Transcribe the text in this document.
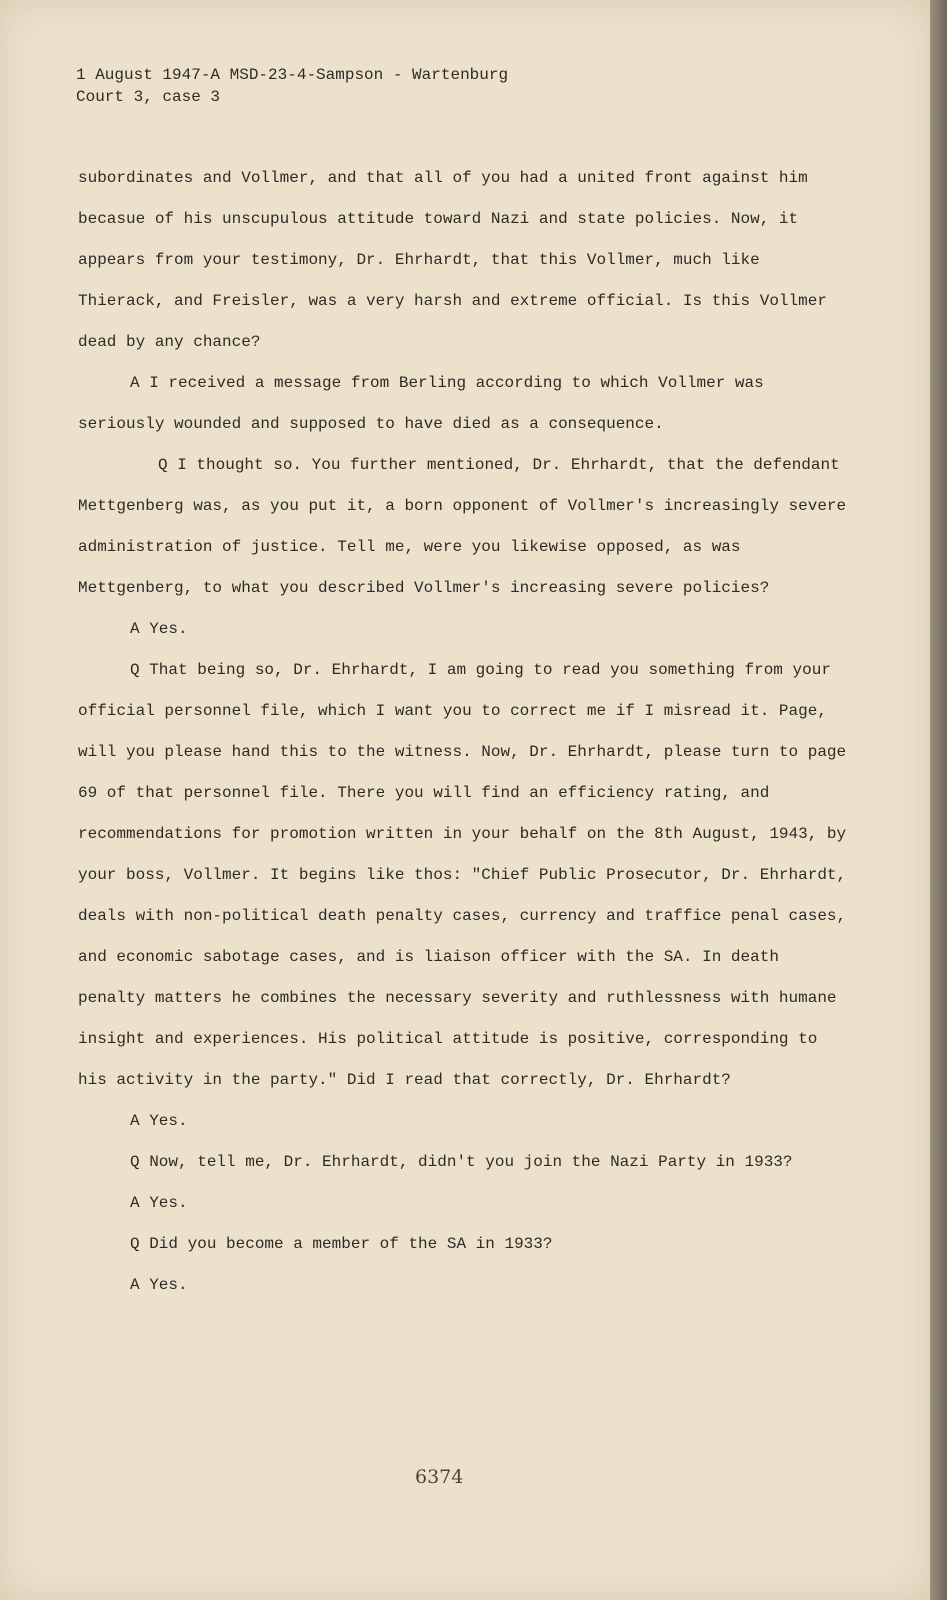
1 August 1947-A MSD-23-4-Sampson - Wartenburg
Court 3, case 3

subordinates and Vollmer, and that all of you had a united front against him becasue of his unscupulous attitude toward Nazi and state policies. Now, it appears from your testimony, Dr. Ehrhardt, that this Vollmer, much like Thierack, and Freisler, was a very harsh and extreme official. Is this Vollmer dead by any chance?

A I received a message from Berling according to which Vollmer was seriously wounded and supposed to have died as a consequence.

Q I thought so. You further mentioned, Dr. Ehrhardt, that the defendant Mettgenberg was, as you put it, a born opponent of Vollmer's increasingly severe administration of justice. Tell me, were you likewise opposed, as was Mettgenberg, to what you described Vollmer's increasing severe policies?

A Yes.

Q That being so, Dr. Ehrhardt, I am going to read you something from your official personnel file, which I want you to correct me if I misread it. Page, will you please hand this to the witness. Now, Dr. Ehrhardt, please turn to page 69 of that personnel file. There you will find an efficiency rating, and recommendations for promotion written in your behalf on the 8th August, 1943, by your boss, Vollmer. It begins like thos: "Chief Public Prosecutor, Dr. Ehrhardt, deals with non-political death penalty cases, currency and traffice penal cases, and economic sabotage cases, and is liaison officer with the SA. In death penalty matters he combines the necessary severity and ruthlessness with humane insight and experiences. His political attitude is positive, corresponding to his activity in the party." Did I read that correctly, Dr. Ehrhardt?

A Yes.

Q Now, tell me, Dr. Ehrhardt, didn't you join the Nazi Party in 1933?

A Yes.

Q Did you become a member of the SA in 1933?

A Yes.

6374
